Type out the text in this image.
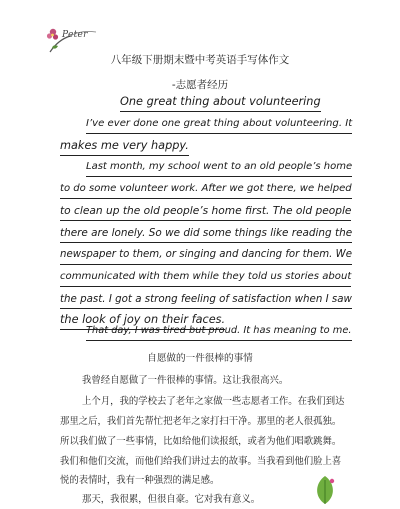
Peter
八年级下册期末暨中考英语手写体作文
-志愿者经历
One great thing about volunteering
I’ve ever done one great thing about volunteering. It
makes me very happy.
Last month, my school went to an old people’s home
to do some volunteer work. After we got there, we helped
to clean up the old people’s home first. The old people
there are lonely. So we did some things like reading the
newspaper to them, or singing and dancing for them. We
communicated with them while they told us stories about
the past. I got a strong feeling of satisfaction when I saw
the look of joy on their faces.
That day, I was tired but proud. It has meaning to me.
自愿做的一件很棒的事情
我曾经自愿做了一件很棒的事情。这让我很高兴。
上个月，我的学校去了老年之家做一些志愿者工作。在我们到达
那里之后，我们首先帮忙把老年之家打扫干净。那里的老人很孤独。
所以我们做了一些事情，比如给他们读报纸，或者为他们唱歌跳舞。
我们和他们交流，而他们给我们讲过去的故事。当我看到他们脸上喜
悦的表情时，我有一种强烈的满足感。
那天，我很累，但很自豪。它对我有意义。
